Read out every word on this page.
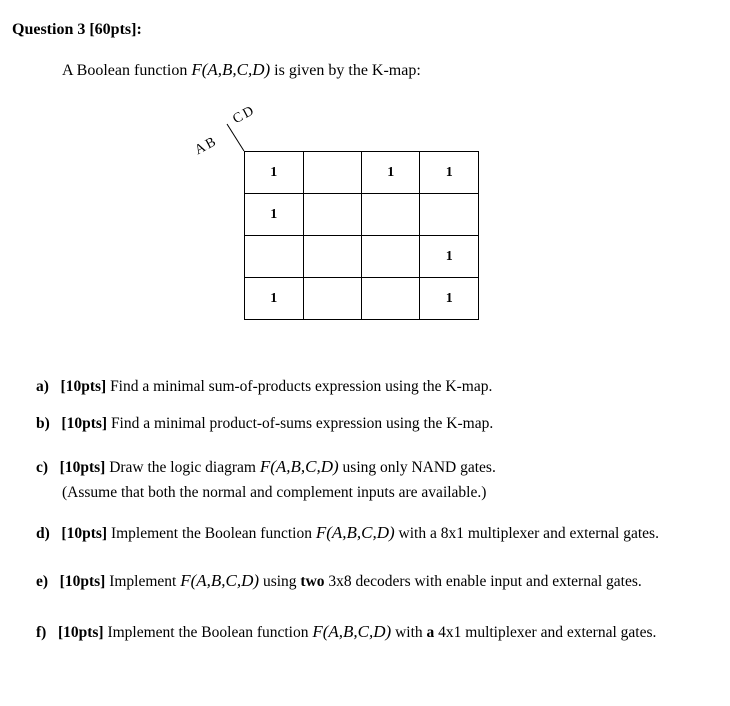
Question 3 [60pts]:
A Boolean function F(A,B,C,D) is given by the K-map:
CD
AB
1		1	1
1			
			1
1			1
a) [10pts] Find a minimal sum-of-products expression using the K-map.
b) [10pts] Find a minimal product-of-sums expression using the K-map.
c) [10pts] Draw the logic diagram F(A,B,C,D) using only NAND gates.
(Assume that both the normal and complement inputs are available.)
d) [10pts] Implement the Boolean function F(A,B,C,D) with a 8x1 multiplexer and external gates.
e) [10pts] Implement F(A,B,C,D) using two 3x8 decoders with enable input and external gates.
f) [10pts] Implement the Boolean function F(A,B,C,D) with a 4x1 multiplexer and external gates.
